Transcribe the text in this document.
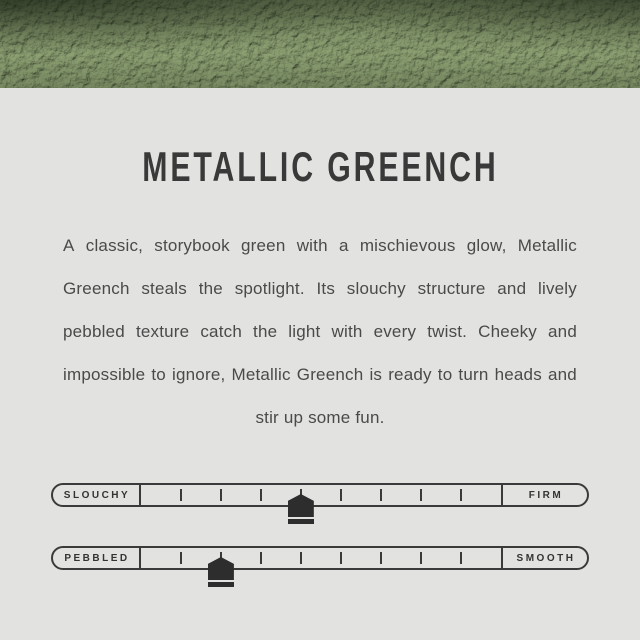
METALLIC GREENCH

A classic, storybook green with a mischievous glow, Metallic

Greench steals the spotlight. Its slouchy structure and lively

pebbled texture catch the light with every twist. Cheeky and

impossible to ignore, Metallic Greench is ready to turn heads and

stir up some fun.

SLOUCHY	FIRM
PEBBLED	SMOOTH
